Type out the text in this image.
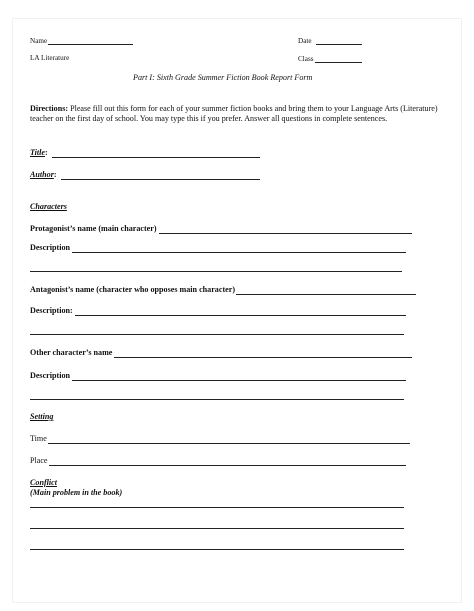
Name	Date
LA Literature	Class
Part I: Sixth Grade Summer Fiction Book Report Form
Directions: Please fill out this form for each of your summer fiction books and bring them to your Language Arts (Literature) teacher on the first day of school. You may type this if you prefer. Answer all questions in complete sentences.
Title :
Author :
Characters
Protagonist’s name (main character)
Description
Antagonist’s name (character who opposes main character)
Description:
Other character’s name
Description
Setting
Time
Place
Conflict
(Main problem in the book)
